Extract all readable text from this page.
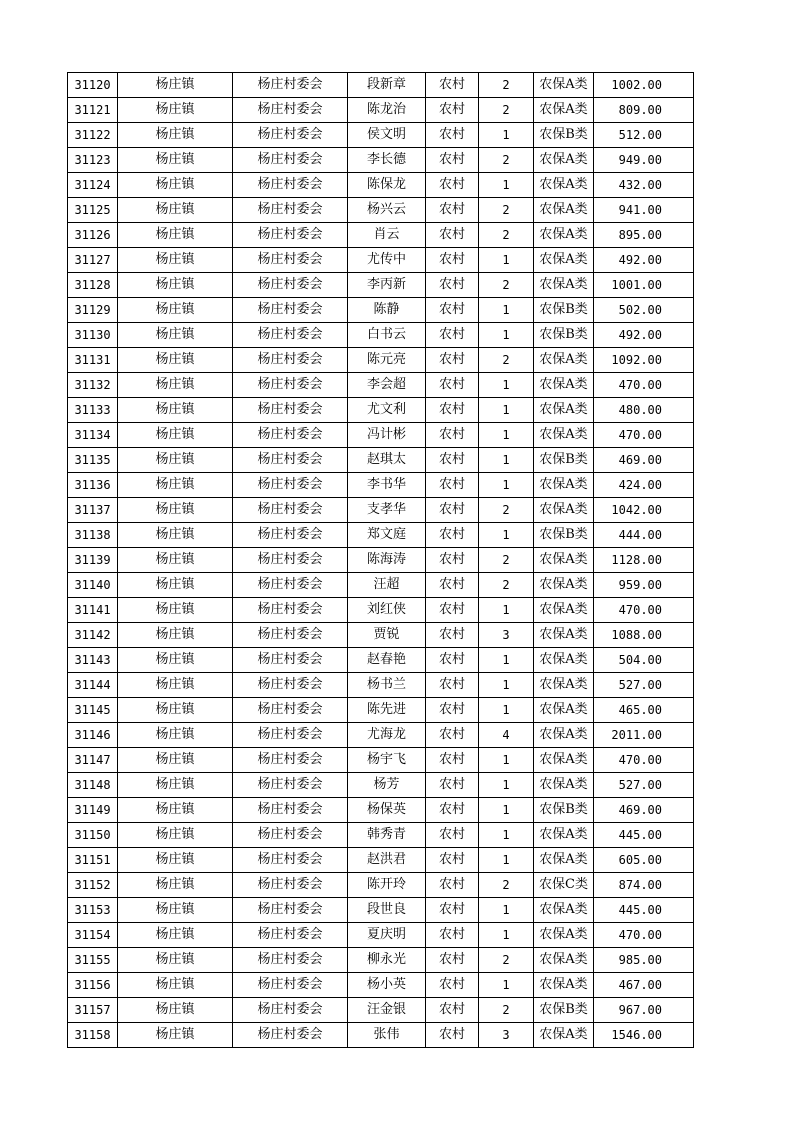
31120	杨庄镇	杨庄村委会	段新章	农村	2	农保A类	1002.00
31121	杨庄镇	杨庄村委会	陈龙治	农村	2	农保A类	809.00
31122	杨庄镇	杨庄村委会	侯文明	农村	1	农保B类	512.00
31123	杨庄镇	杨庄村委会	李长德	农村	2	农保A类	949.00
31124	杨庄镇	杨庄村委会	陈保龙	农村	1	农保A类	432.00
31125	杨庄镇	杨庄村委会	杨兴云	农村	2	农保A类	941.00
31126	杨庄镇	杨庄村委会	肖云	农村	2	农保A类	895.00
31127	杨庄镇	杨庄村委会	尤传中	农村	1	农保A类	492.00
31128	杨庄镇	杨庄村委会	李丙新	农村	2	农保A类	1001.00
31129	杨庄镇	杨庄村委会	陈静	农村	1	农保B类	502.00
31130	杨庄镇	杨庄村委会	白书云	农村	1	农保B类	492.00
31131	杨庄镇	杨庄村委会	陈元亮	农村	2	农保A类	1092.00
31132	杨庄镇	杨庄村委会	李会超	农村	1	农保A类	470.00
31133	杨庄镇	杨庄村委会	尤文利	农村	1	农保A类	480.00
31134	杨庄镇	杨庄村委会	冯计彬	农村	1	农保A类	470.00
31135	杨庄镇	杨庄村委会	赵琪太	农村	1	农保B类	469.00
31136	杨庄镇	杨庄村委会	李书华	农村	1	农保A类	424.00
31137	杨庄镇	杨庄村委会	支孝华	农村	2	农保A类	1042.00
31138	杨庄镇	杨庄村委会	郑文庭	农村	1	农保B类	444.00
31139	杨庄镇	杨庄村委会	陈海涛	农村	2	农保A类	1128.00
31140	杨庄镇	杨庄村委会	汪超	农村	2	农保A类	959.00
31141	杨庄镇	杨庄村委会	刘红侠	农村	1	农保A类	470.00
31142	杨庄镇	杨庄村委会	贾锐	农村	3	农保A类	1088.00
31143	杨庄镇	杨庄村委会	赵春艳	农村	1	农保A类	504.00
31144	杨庄镇	杨庄村委会	杨书兰	农村	1	农保A类	527.00
31145	杨庄镇	杨庄村委会	陈先进	农村	1	农保A类	465.00
31146	杨庄镇	杨庄村委会	尤海龙	农村	4	农保A类	2011.00
31147	杨庄镇	杨庄村委会	杨宇飞	农村	1	农保A类	470.00
31148	杨庄镇	杨庄村委会	杨芳	农村	1	农保A类	527.00
31149	杨庄镇	杨庄村委会	杨保英	农村	1	农保B类	469.00
31150	杨庄镇	杨庄村委会	韩秀青	农村	1	农保A类	445.00
31151	杨庄镇	杨庄村委会	赵洪君	农村	1	农保A类	605.00
31152	杨庄镇	杨庄村委会	陈开玲	农村	2	农保C类	874.00
31153	杨庄镇	杨庄村委会	段世良	农村	1	农保A类	445.00
31154	杨庄镇	杨庄村委会	夏庆明	农村	1	农保A类	470.00
31155	杨庄镇	杨庄村委会	柳永光	农村	2	农保A类	985.00
31156	杨庄镇	杨庄村委会	杨小英	农村	1	农保A类	467.00
31157	杨庄镇	杨庄村委会	汪金银	农村	2	农保B类	967.00
31158	杨庄镇	杨庄村委会	张伟	农村	3	农保A类	1546.00
